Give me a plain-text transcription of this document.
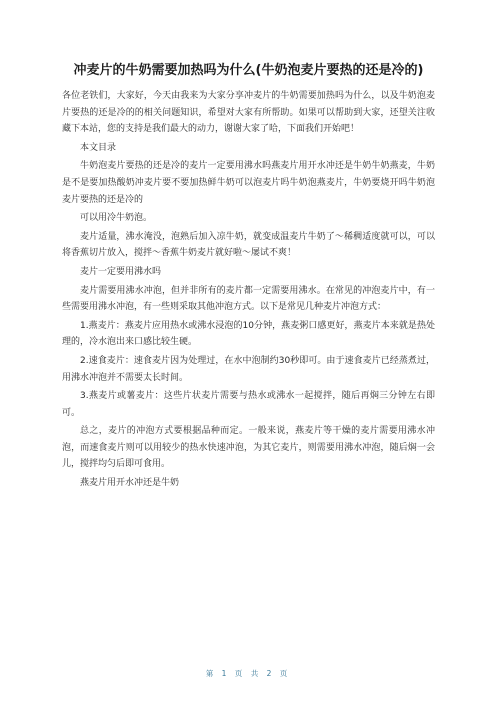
冲麦片的牛奶需要加热吗为什么(牛奶泡麦片要热的还是冷的)

各位老铁们，大家好，今天由我来为大家分享冲麦片的牛奶需要加热吗为什么，以及牛奶泡麦片要热的还是冷的的相关问题知识，希望对大家有所帮助。如果可以帮助到大家，还望关注收藏下本站，您的支持是我们最大的动力，谢谢大家了哈，下面我们开始吧！

本文目录

牛奶泡麦片要热的还是冷的麦片一定要用沸水吗燕麦片用开水冲还是牛奶牛奶燕麦，牛奶是不是要加热酸奶冲麦片要不要加热鲜牛奶可以泡麦片吗牛奶泡燕麦片，牛奶要烧开吗牛奶泡麦片要热的还是冷的

可以用冷牛奶泡。

麦片适量，沸水淹没，泡熟后加入凉牛奶，就变成温麦片牛奶了～稀稠适度就可以，可以将香蕉切片放入，搅拌～香蕉牛奶麦片就好啦～屡试不爽！

麦片一定要用沸水吗

麦片需要用沸水冲泡，但并非所有的麦片都一定需要用沸水。在常见的冲泡麦片中，有一些需要用沸水冲泡，有一些则采取其他冲泡方式。以下是常见几种麦片冲泡方式：

1.燕麦片：燕麦片应用热水或沸水浸泡的10分钟，燕麦粥口感更好，燕麦片本来就是热处理的，冷水泡出来口感比较生硬。

2.速食麦片：速食麦片因为处理过，在水中泡制约30秒即可。由于速食麦片已经蒸煮过，用沸水冲泡并不需要太长时间。

3.燕麦片或薯麦片：这些片状麦片需要与热水或沸水一起搅拌，随后再焖三分钟左右即可。

总之，麦片的冲泡方式要根据品种而定。一般来说，燕麦片等干燥的麦片需要用沸水冲泡，而速食麦片则可以用较少的热水快速冲泡，为其它麦片，则需要用沸水冲泡，随后焖一会儿，搅拌均匀后即可食用。

燕麦片用开水冲还是牛奶

第 1 页 共 2 页
